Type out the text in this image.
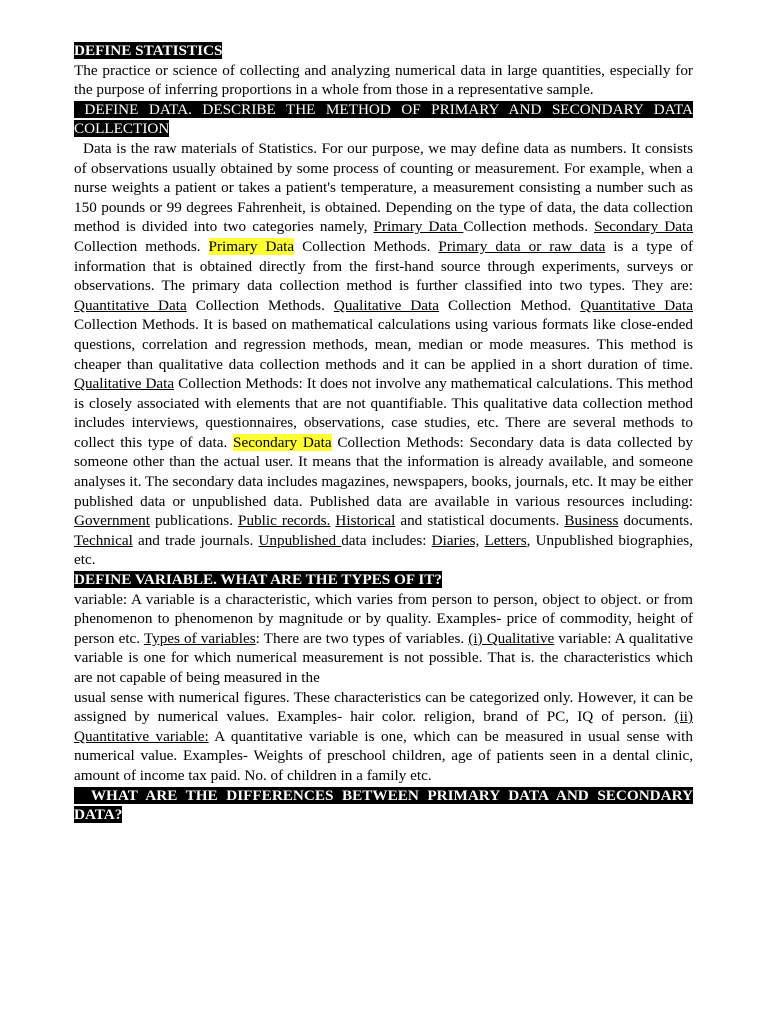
DEFINE STATISTICS

The practice or science of collecting and analyzing numerical data in large quantities, especially for the purpose of inferring proportions in a whole from those in a representative sample.

DEFINE DATA. DESCRIBE THE METHOD OF PRIMARY AND SECONDARY DATA COLLECTION

Data is the raw materials of Statistics. For our purpose, we may define data as numbers. It consists of observations usually obtained by some process of counting or measurement. For example, when a nurse weights a patient or takes a patient's temperature, a measurement consisting a number such as 150 pounds or 99 degrees Fahrenheit, is obtained. Depending on the type of data, the data collection method is divided into two categories namely, Primary Data Collection methods. Secondary Data Collection methods. Primary Data Collection Methods. Primary data or raw data is a type of information that is obtained directly from the first-hand source through experiments, surveys or observations. The primary data collection method is further classified into two types. They are: Quantitative Data Collection Methods. Qualitative Data Collection Method. Quantitative Data Collection Methods. It is based on mathematical calculations using various formats like close-ended questions, correlation and regression methods, mean, median or mode measures. This method is cheaper than qualitative data collection methods and it can be applied in a short duration of time. Qualitative Data Collection Methods: It does not involve any mathematical calculations. This method is closely associated with elements that are not quantifiable. This qualitative data collection method includes interviews, questionnaires, observations, case studies, etc. There are several methods to collect this type of data. Secondary Data Collection Methods: Secondary data is data collected by someone other than the actual user. It means that the information is already available, and someone analyses it. The secondary data includes magazines, newspapers, books, journals, etc. It may be either published data or unpublished data. Published data are available in various resources including: Government publications. Public records. Historical and statistical documents. Business documents. Technical and trade journals. Unpublished data includes: Diaries, Letters, Unpublished biographies, etc.

DEFINE VARIABLE. WHAT ARE THE TYPES OF IT?

variable: A variable is a characteristic, which varies from person to person, object to object. or from phenomenon to phenomenon by magnitude or by quality. Examples- price of commodity, height of person etc. Types of variables: There are two types of variables. (i) Qualitative variable: A qualitative variable is one for which numerical measurement is not possible. That is. the characteristics which are not capable of being measured in the

usual sense with numerical figures. These characteristics can be categorized only. However, it can be assigned by numerical values. Examples- hair color. religion, brand of PC, IQ of person. (ii) Quantitative variable: A quantitative variable is one, which can be measured in usual sense with numerical value. Examples- Weights of preschool children, age of patients seen in a dental clinic, amount of income tax paid. No. of children in a family etc.

WHAT ARE THE DIFFERENCES BETWEEN PRIMARY DATA AND SECONDARY DATA?
